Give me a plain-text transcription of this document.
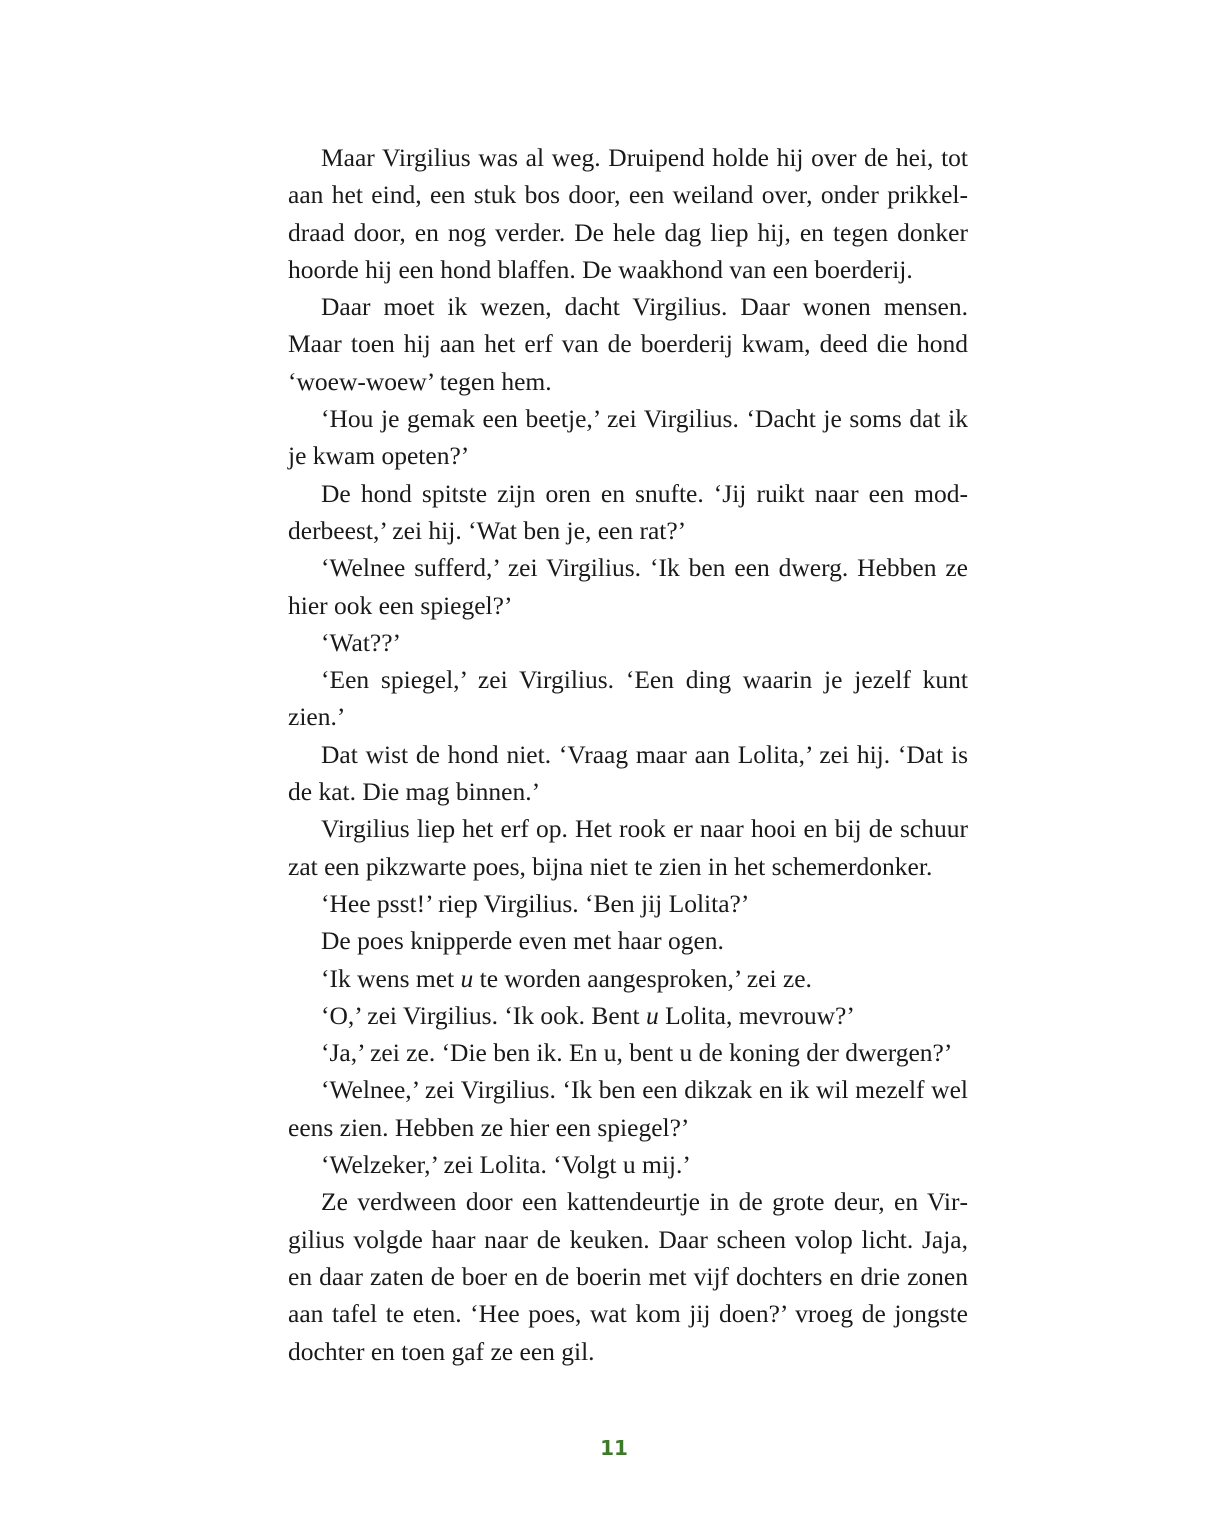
Maar Virgilius was al weg. Druipend holde hij over de hei, tot aan het eind, een stuk bos door, een weiland over, onder prikkeldraad door, en nog verder. De hele dag liep hij, en tegen donker hoorde hij een hond blaffen. De waakhond van een boerderij.

Daar moet ik wezen, dacht Virgilius. Daar wonen mensen. Maar toen hij aan het erf van de boerderij kwam, deed die hond ‘woew-woew’ tegen hem.

‘Hou je gemak een beetje,’ zei Virgilius. ‘Dacht je soms dat ik je kwam opeten?’

De hond spitste zijn oren en snufte. ‘Jij ruikt naar een modderbeest,’ zei hij. ‘Wat ben je, een rat?’

‘Welnee sufferd,’ zei Virgilius. ‘Ik ben een dwerg. Hebben ze hier ook een spiegel?’

‘Wat??’

‘Een spiegel,’ zei Virgilius. ‘Een ding waarin je jezelf kunt zien.’

Dat wist de hond niet. ‘Vraag maar aan Lolita,’ zei hij. ‘Dat is de kat. Die mag binnen.’

Virgilius liep het erf op. Het rook er naar hooi en bij de schuur zat een pikzwarte poes, bijna niet te zien in het schemerdonker.

‘Hee psst!’ riep Virgilius. ‘Ben jij Lolita?’

De poes knipperde even met haar ogen.

‘Ik wens met u te worden aangesproken,’ zei ze.

‘O,’ zei Virgilius. ‘Ik ook. Bent u Lolita, mevrouw?’

‘Ja,’ zei ze. ‘Die ben ik. En u, bent u de koning der dwergen?’

‘Welnee,’ zei Virgilius. ‘Ik ben een dikzak en ik wil mezelf wel eens zien. Hebben ze hier een spiegel?’

‘Welzeker,’ zei Lolita. ‘Volgt u mij.’

Ze verdween door een kattendeurtje in de grote deur, en Virgilius volgde haar naar de keuken. Daar scheen volop licht. Jaja, en daar zaten de boer en de boerin met vijf dochters en drie zonen aan tafel te eten. ‘Hee poes, wat kom jij doen?’ vroeg de jongste dochter en toen gaf ze een gil.

11
